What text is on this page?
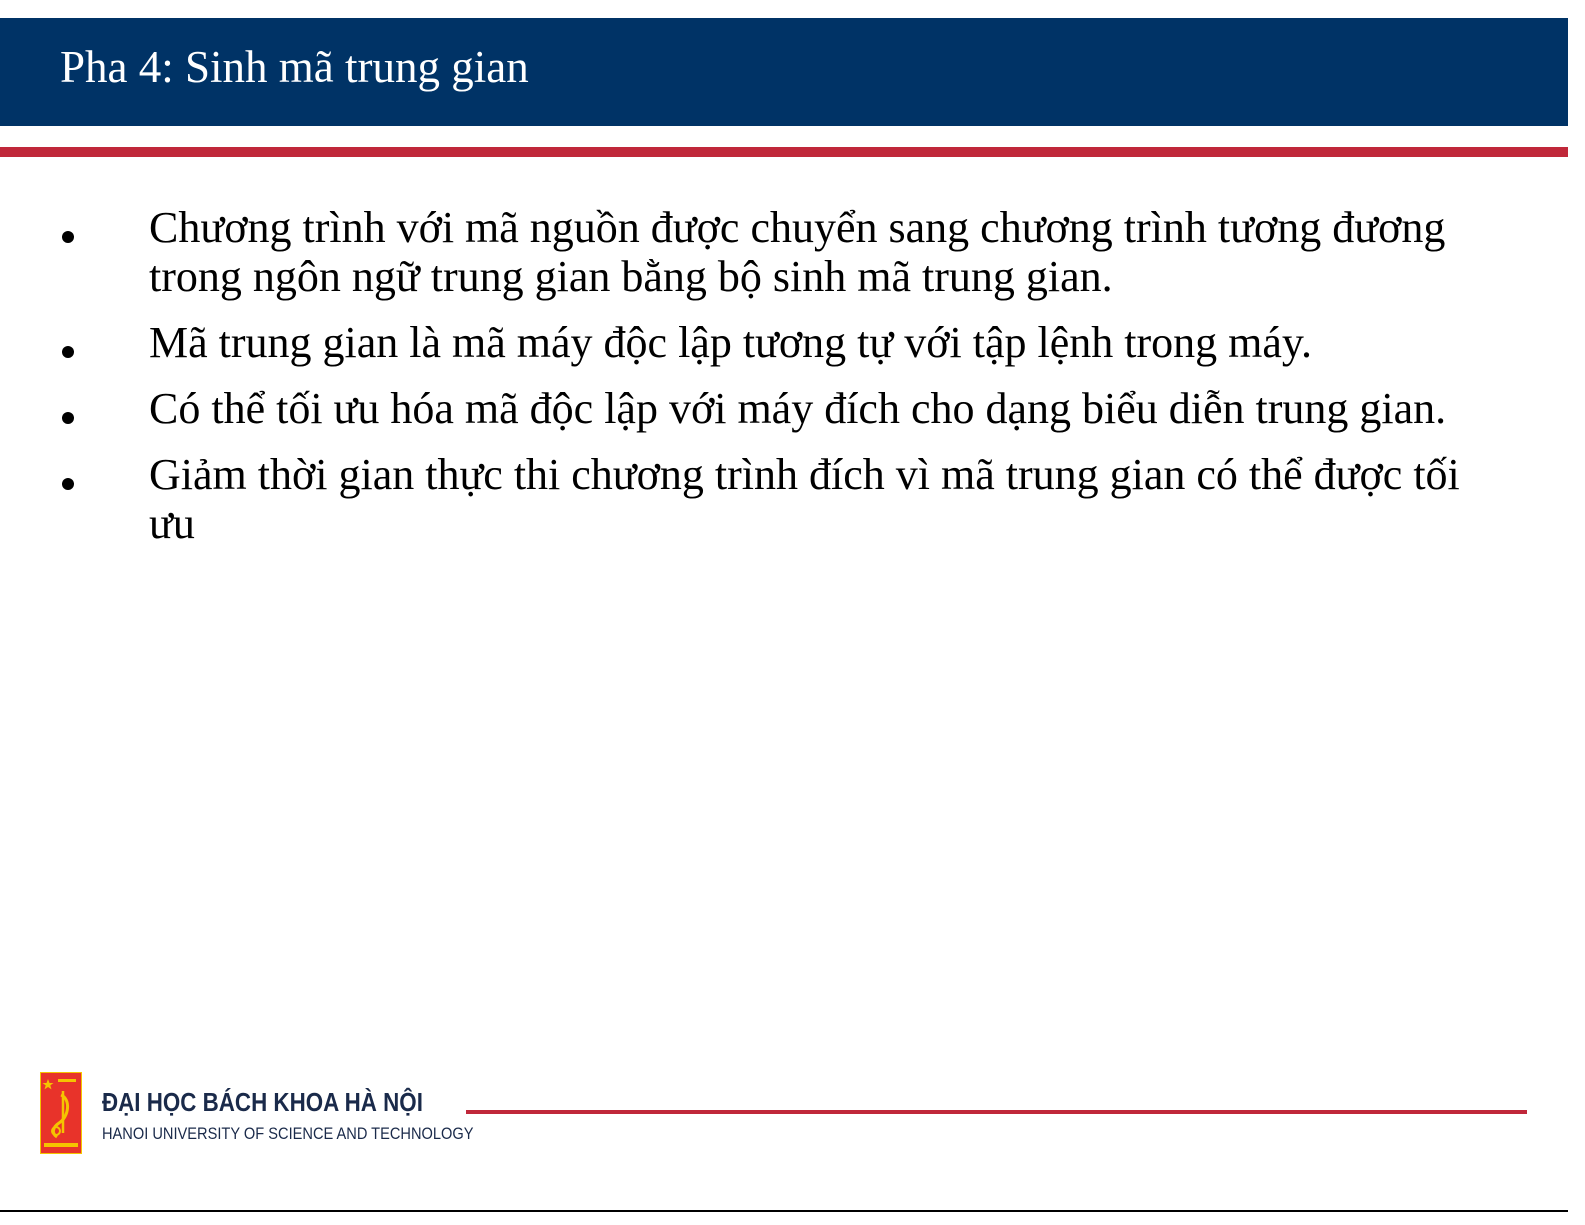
Pha 4: Sinh mã trung gian
Chương trình với mã nguồn được chuyển sang chương trình tương đương trong ngôn ngữ trung gian bằng bộ sinh mã trung gian.
Mã trung gian là mã máy độc lập tương tự với tập lệnh trong máy.
Có thể tối ưu hóa mã độc lập với máy đích cho dạng biểu diễn trung gian.
Giảm thời gian thực thi chương trình đích vì mã trung gian có thể được tối ưu

ĐẠI HỌC BÁCH KHOA HÀ NỘI

HANOI UNIVERSITY OF SCIENCE AND TECHNOLOGY
